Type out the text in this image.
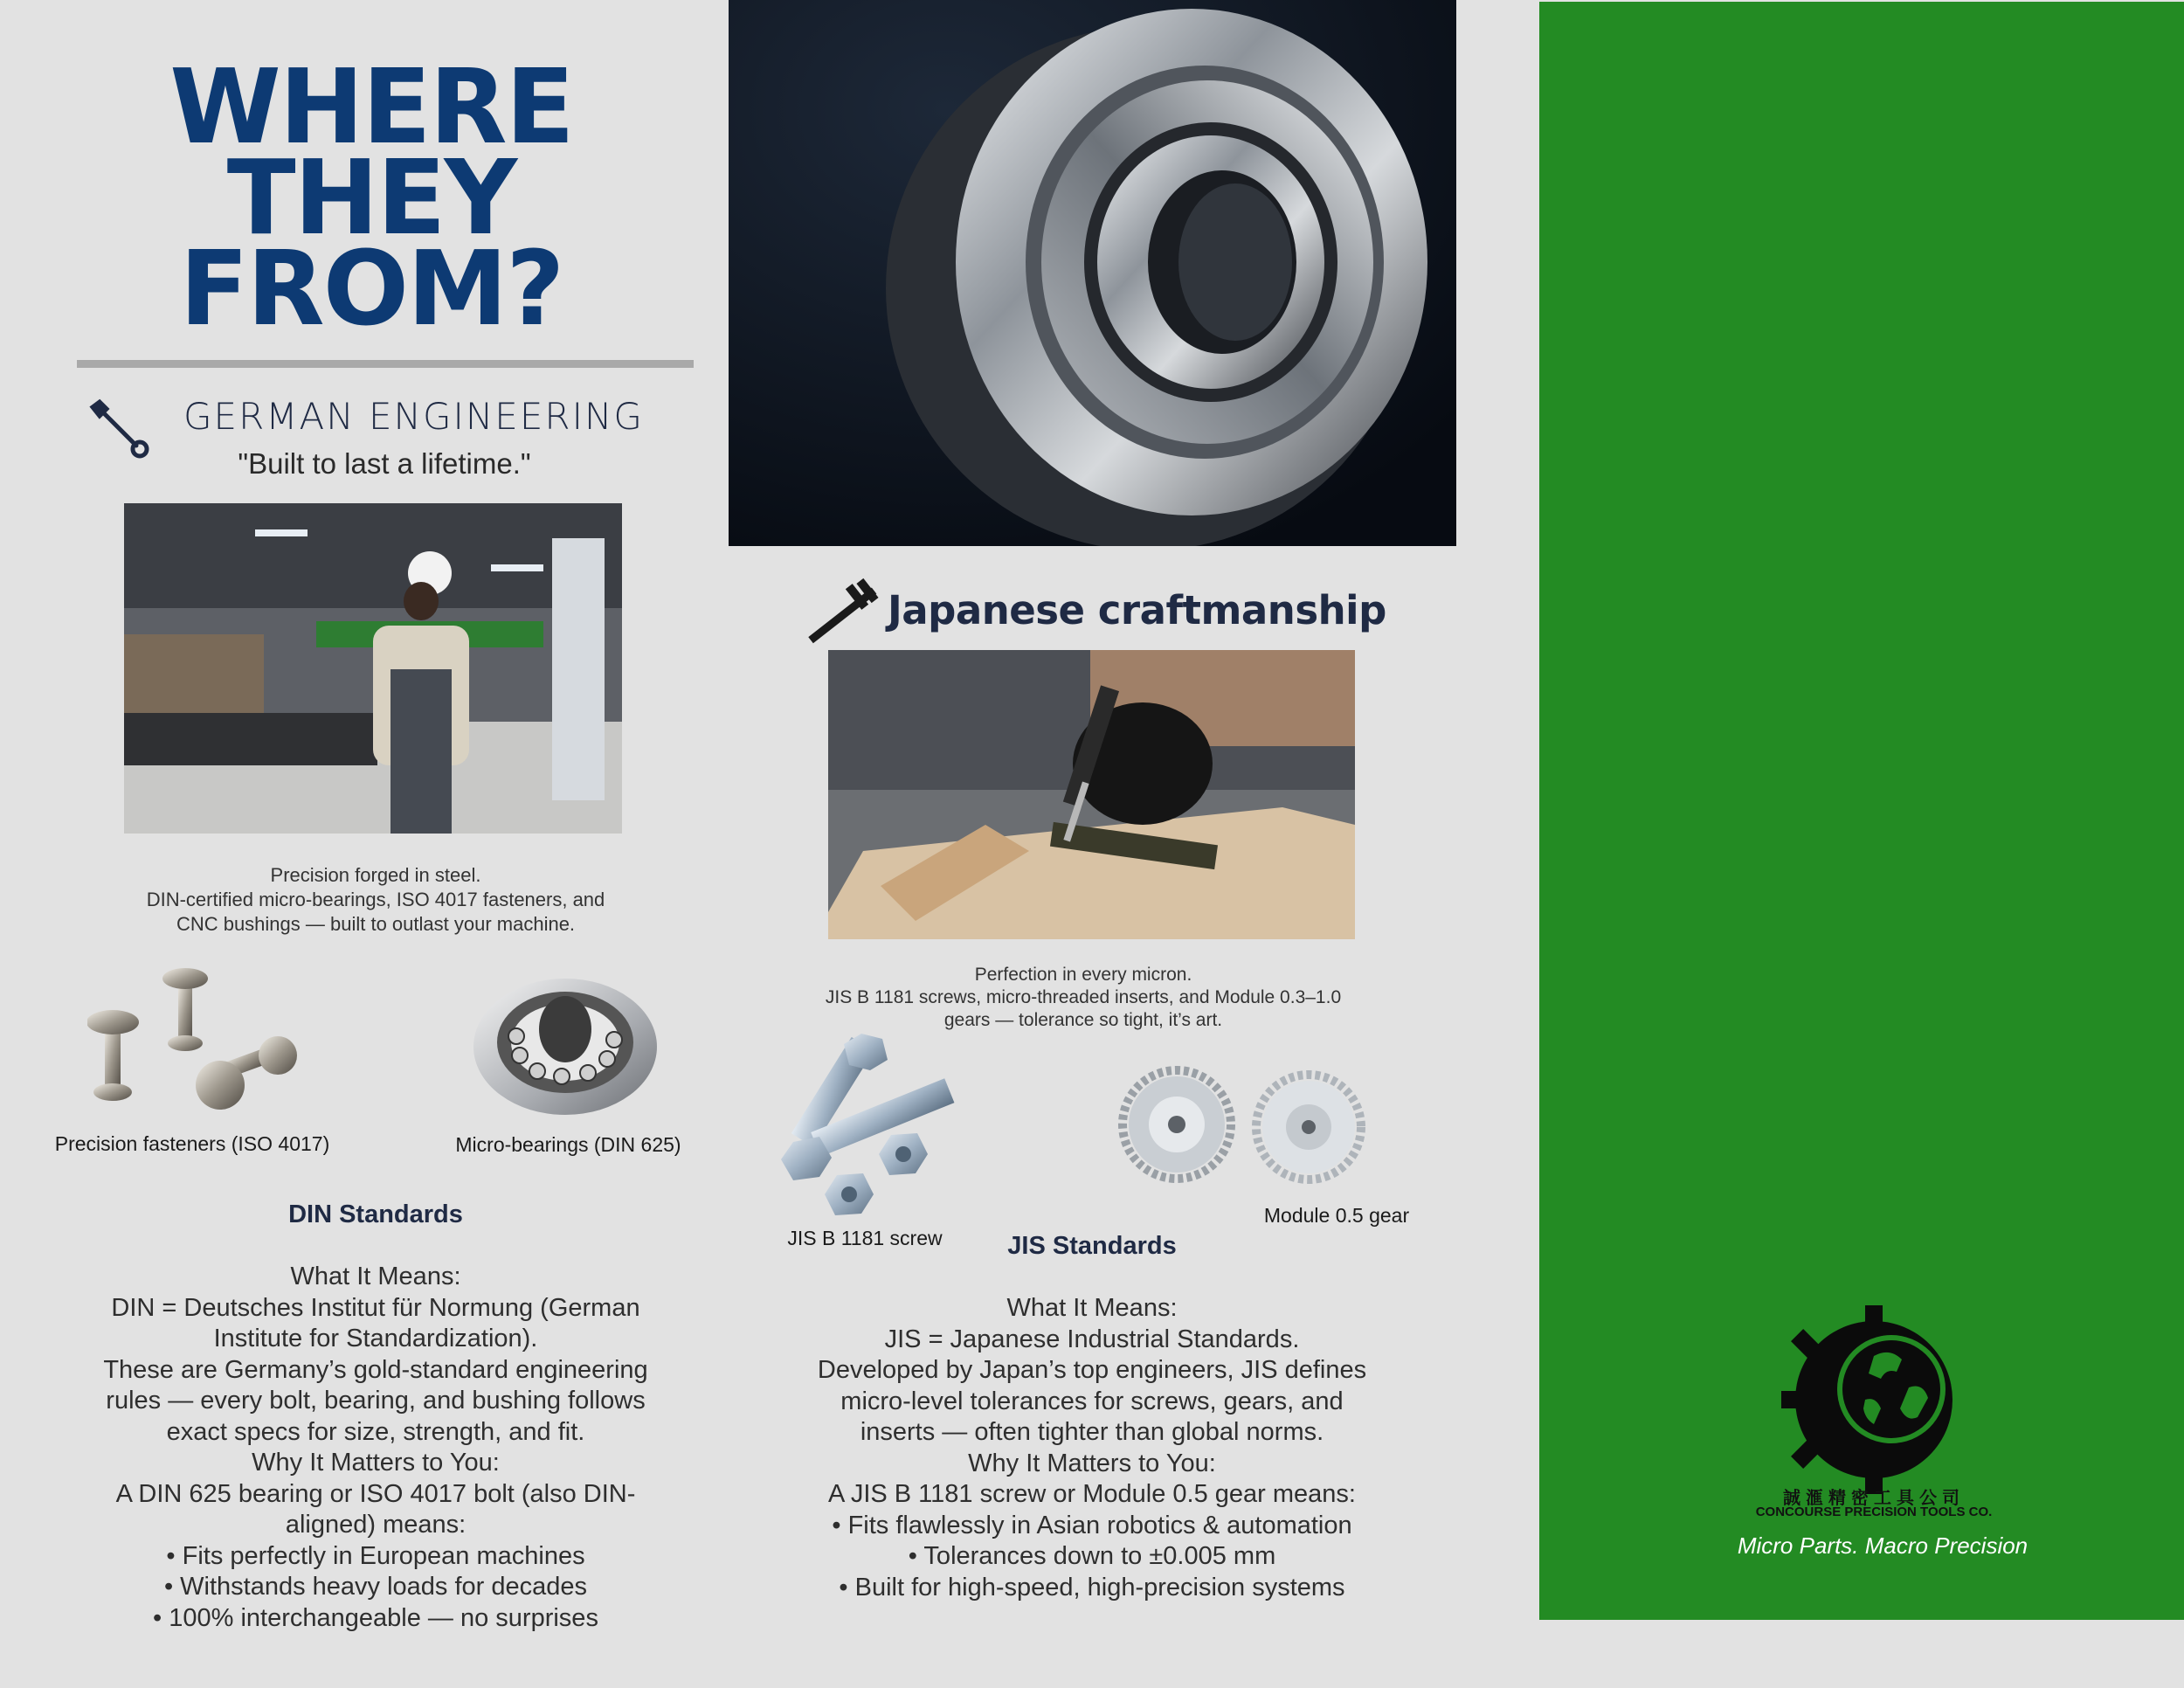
WHERE
THEY
FROM?
GERMAN ENGINEERING
"Built to last a lifetime."
Precision forged in steel.
DIN-certified micro-bearings, ISO 4017 fasteners, and
CNC bushings — built to outlast your machine.
Precision fasteners (ISO 4017)	Micro-bearings (DIN 625)
DIN Standards
What It Means:
DIN = Deutsches Institut für Normung (German
Institute for Standardization).
These are Germany’s gold-standard engineering
rules — every bolt, bearing, and bushing follows
exact specs for size, strength, and fit.
Why It Matters to You:
A DIN 625 bearing or ISO 4017 bolt (also DIN-
aligned) means:
• Fits perfectly in European machines
• Withstands heavy loads for decades
• 100% interchangeable — no surprises
Japanese craftmanship
Perfection in every micron.
JIS B 1181 screws, micro-threaded inserts, and Module 0.3–1.0
gears — tolerance so tight, it’s art.
JIS B 1181 screw
Module 0.5 gear
JIS Standards
What It Means:
JIS = Japanese Industrial Standards.
Developed by Japan’s top engineers, JIS defines
micro-level tolerances for screws, gears, and
inserts — often tighter than global norms.
Why It Matters to You:
A JIS B 1181 screw or Module 0.5 gear means:
• Fits flawlessly in Asian robotics & automation
• Tolerances down to ±0.005 mm
• Built for high-speed, high-precision systems
誠滙精密工具公司
CONCOURSE PRECISION TOOLS CO.
Micro Parts. Macro Precision
